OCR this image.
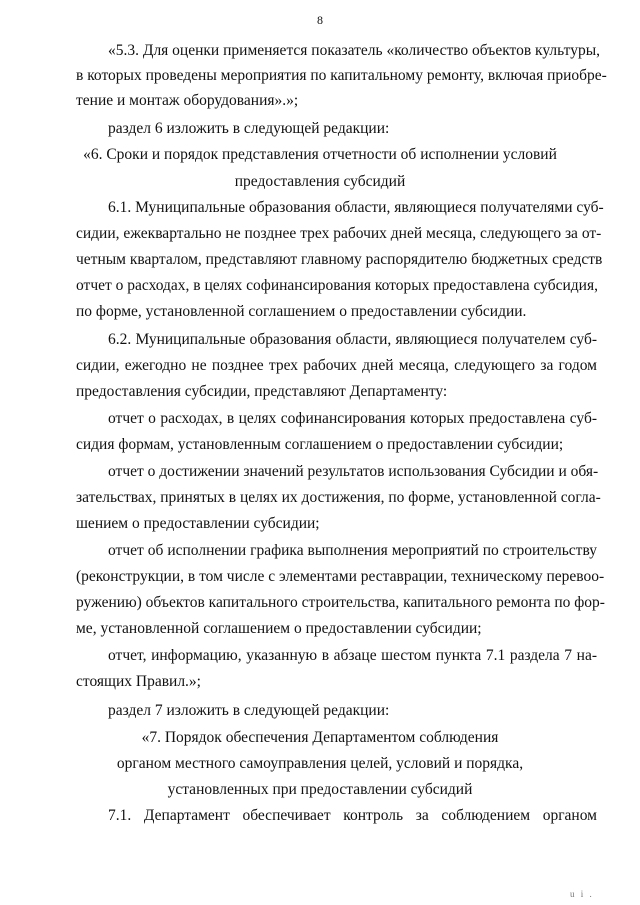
8
«5.3. Для оценки применяется показатель «количество объектов культуры,
в которых проведены мероприятия по капитальному ремонту, включая приобре-
тение и монтаж оборудования».»;
раздел 6 изложить в следующей редакции:
«6. Сроки и порядок представления отчетности об исполнении условий
предоставления субсидий
6.1. Муниципальные образования области, являющиеся получателями суб-
сидии, ежеквартально не позднее трех рабочих дней месяца, следующего за от-
четным кварталом, представляют главному распорядителю бюджетных средств
отчет о расходах, в целях софинансирования которых предоставлена субсидия,
по форме, установленной соглашением о предоставлении субсидии.
6.2. Муниципальные образования области, являющиеся получателем суб-
сидии, ежегодно не позднее трех рабочих дней месяца, следующего за годом
предоставления субсидии, представляют Департаменту:
отчет о расходах, в целях софинансирования которых предоставлена суб-
сидия формам, установленным соглашением о предоставлении субсидии;
отчет о достижении значений результатов использования Субсидии и обя-
зательствах, принятых в целях их достижения, по форме, установленной согла-
шением о предоставлении субсидии;
отчет об исполнении графика выполнения мероприятий по строительству
(реконструкции, в том числе с элементами реставрации, техническому перевоо-
ружению) объектов капитального строительства, капитального ремонта по фор-
ме, установленной соглашением о предоставлении субсидии;
отчет, информацию, указанную в абзаце шестом пункта 7.1 раздела 7 на-
стоящих Правил.»;
раздел 7 изложить в следующей редакции:
«7. Порядок обеспечения Департаментом соблюдения
органом местного самоуправления целей, условий и порядка,
установленных при предоставлении субсидий
7.1. Департамент обеспечивает контроль за соблюдением органом
u i .
